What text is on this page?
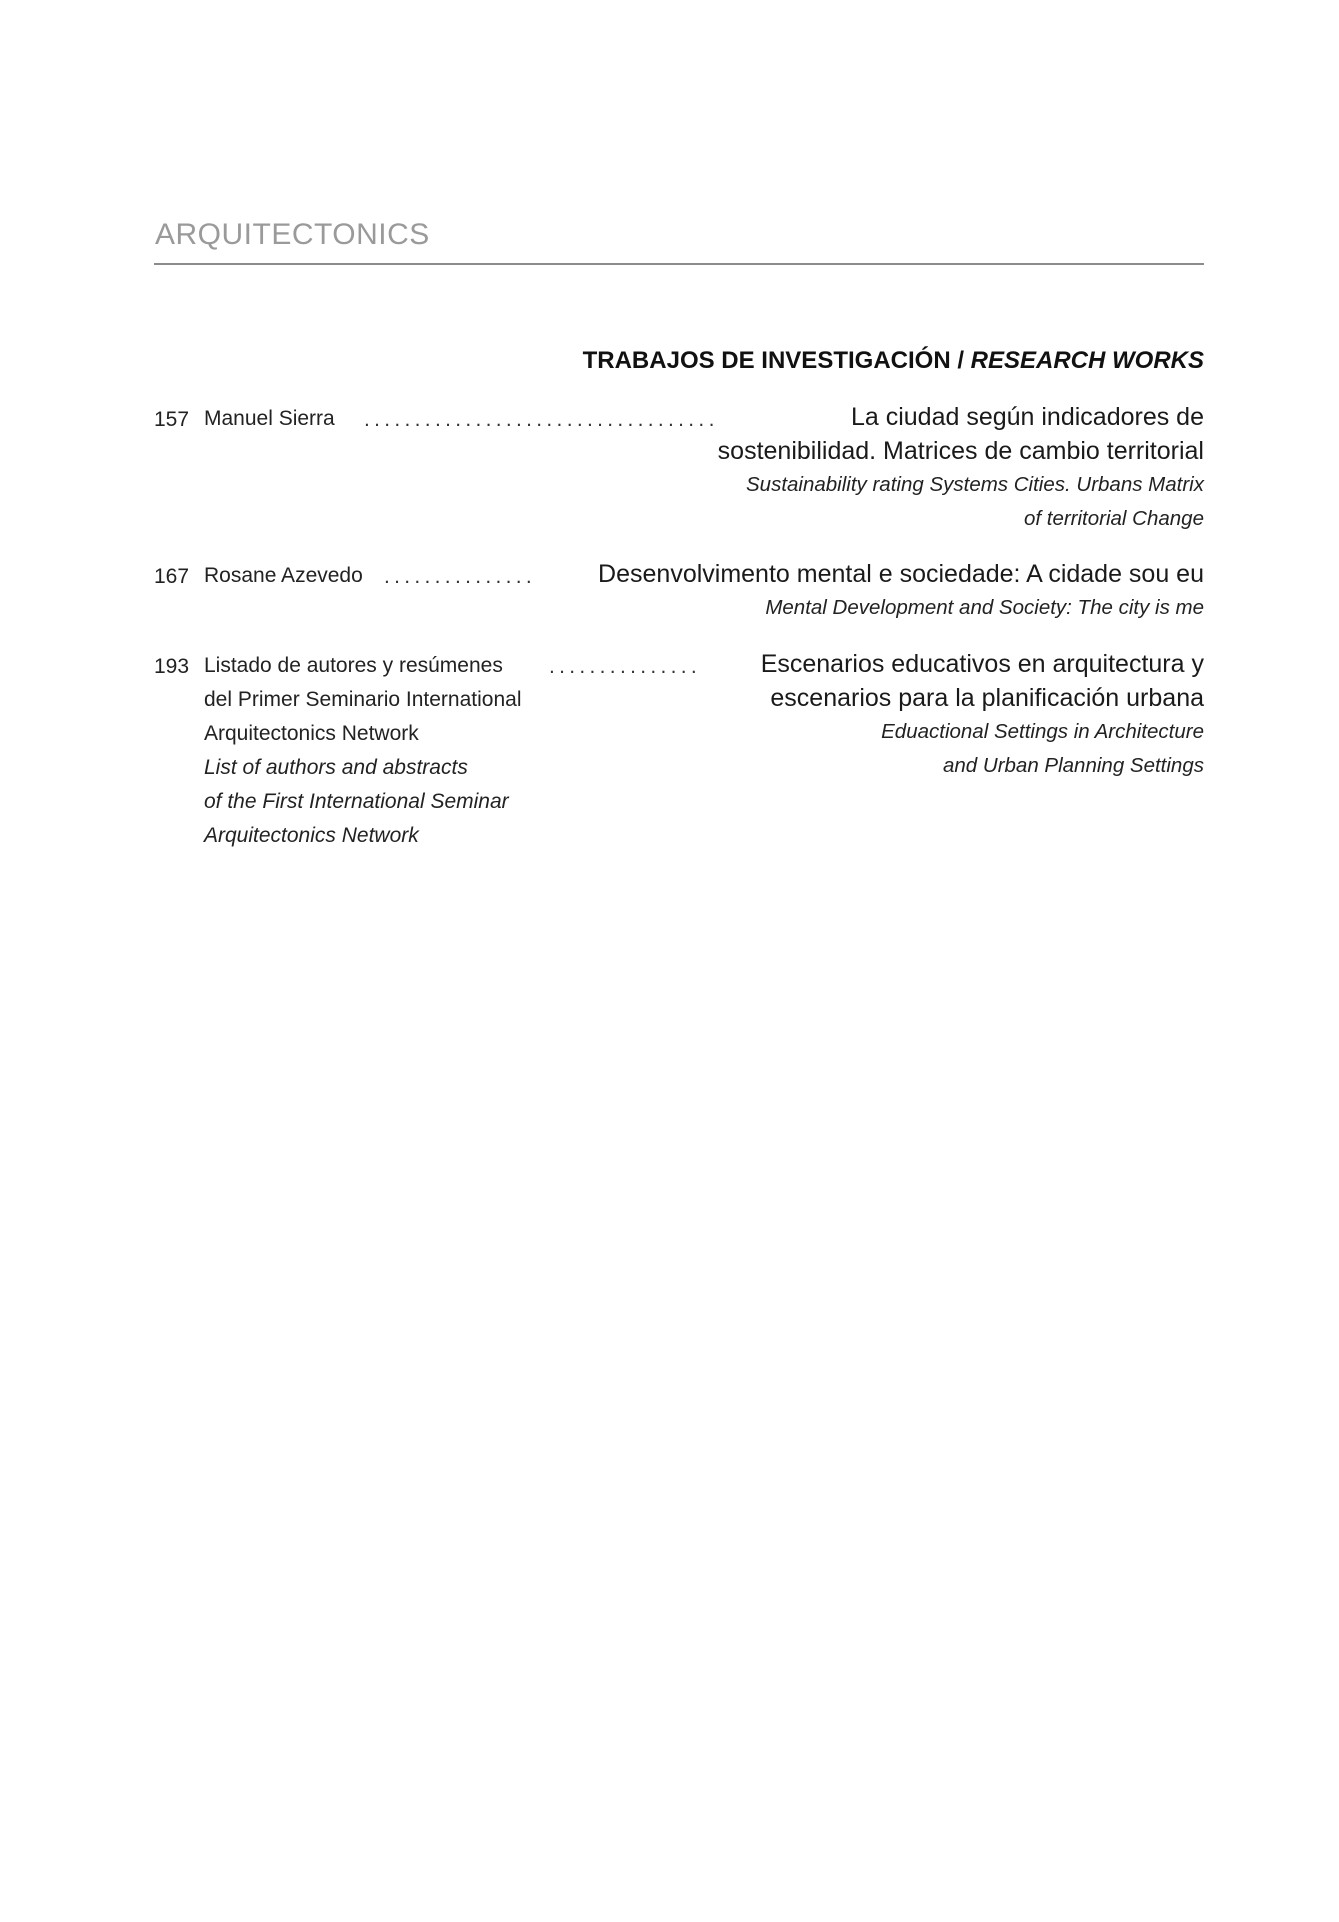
ARQUITECTONICS
TRABAJOS DE INVESTIGACIÓN / RESEARCH WORKS
157 Manuel Sierra ...................................	La ciudad según indicadores de
sostenibilidad. Matrices de cambio territorial
Sustainability rating Systems Cities. Urbans Matrix
of territorial Change
167 Rosane Azevedo ............... Desenvolvimento mental e sociedade: A cidade sou eu
Mental Development and Society: The city is me
193 Listado de autores y resúmenes
del Primer Seminario International
Arquitectonics Network
List of authors and abstracts
of the First International Seminar
Arquitectonics Network
............... Escenarios educativos en arquitectura y
escenarios para la planificación urbana
Eduactional Settings in Architecture
and Urban Planning Settings
